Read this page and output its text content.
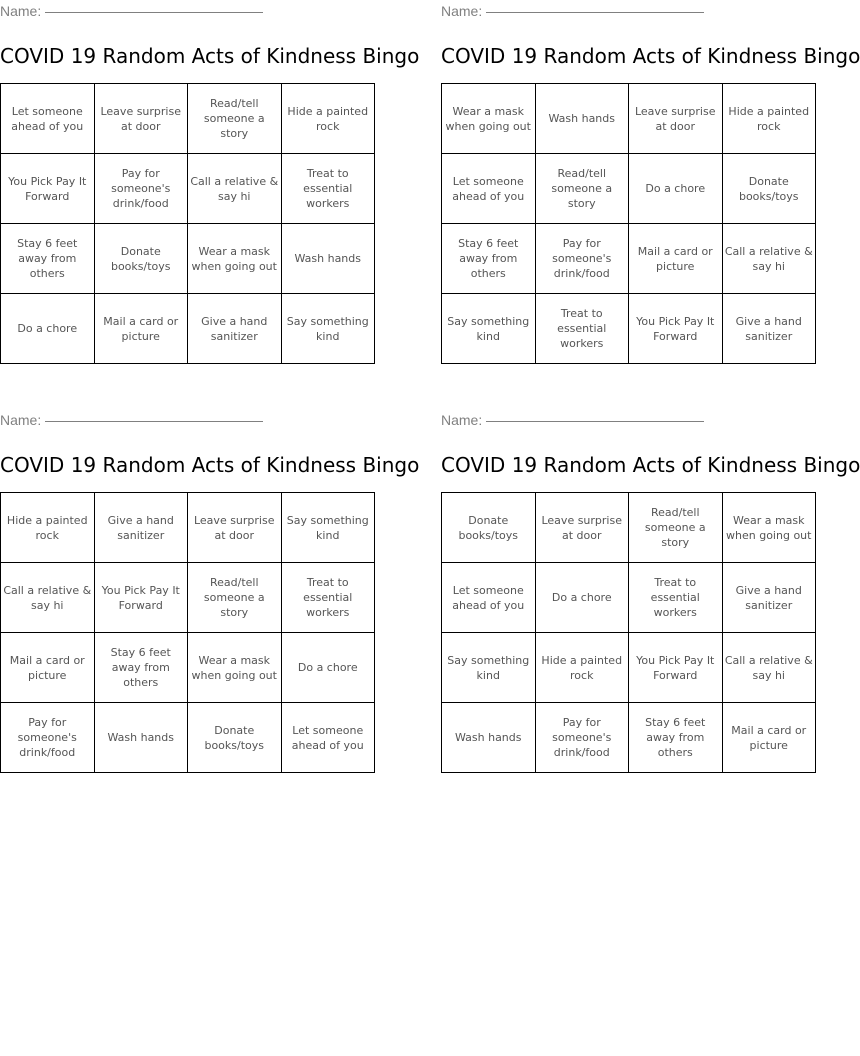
Name:
COVID 19 Random Acts of Kindness Bingo
Let someone ahead of you	Leave surprise at door	Read/tell someone a story	Hide a painted rock
You Pick Pay It Forward	Pay for someone's drink/food	Call a relative & say hi	Treat to essential workers
Stay 6 feet away from others	Donate books/toys	Wear a mask when going out	Wash hands
Do a chore	Mail a card or picture	Give a hand sanitizer	Say something kind
Name:
COVID 19 Random Acts of Kindness Bingo
Wear a mask when going out	Wash hands	Leave surprise at door	Hide a painted rock
Let someone ahead of you	Read/tell someone a story	Do a chore	Donate books/toys
Stay 6 feet away from others	Pay for someone's drink/food	Mail a card or picture	Call a relative & say hi
Say something kind	Treat to essential workers	You Pick Pay It Forward	Give a hand sanitizer
Name:
COVID 19 Random Acts of Kindness Bingo
Hide a painted rock	Give a hand sanitizer	Leave surprise at door	Say something kind
Call a relative & say hi	You Pick Pay It Forward	Read/tell someone a story	Treat to essential workers
Mail a card or picture	Stay 6 feet away from others	Wear a mask when going out	Do a chore
Pay for someone's drink/food	Wash hands	Donate books/toys	Let someone ahead of you
Name:
COVID 19 Random Acts of Kindness Bingo
Donate books/toys	Leave surprise at door	Read/tell someone a story	Wear a mask when going out
Let someone ahead of you	Do a chore	Treat to essential workers	Give a hand sanitizer
Say something kind	Hide a painted rock	You Pick Pay It Forward	Call a relative & say hi
Wash hands	Pay for someone's drink/food	Stay 6 feet away from others	Mail a card or picture
